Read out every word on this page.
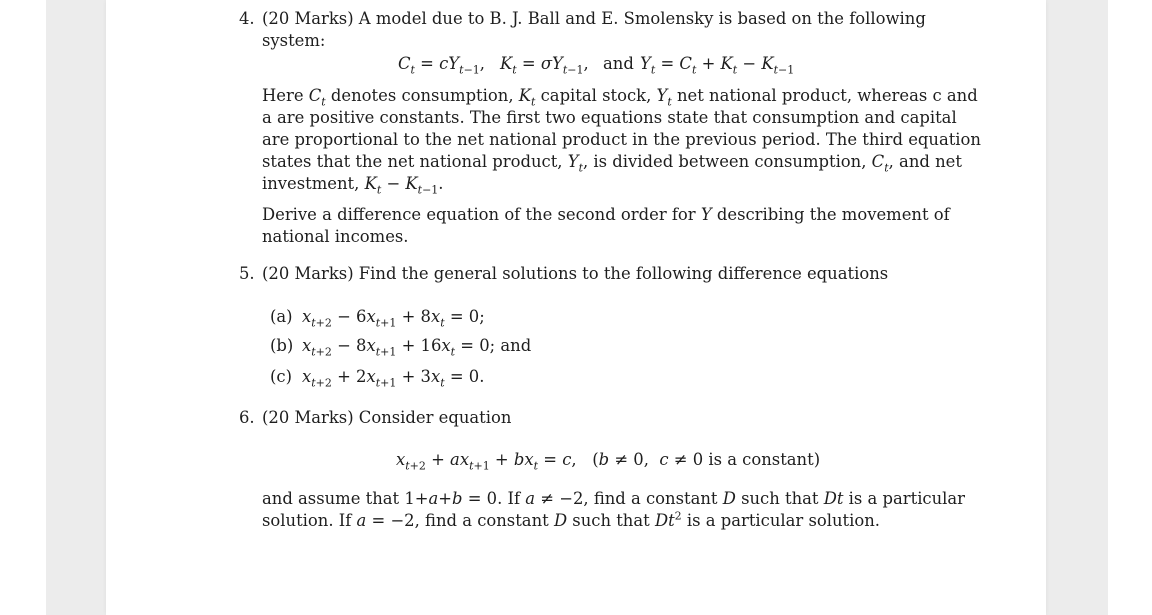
4. (20 Marks) A model due to B. J. Ball and E. Smolensky is based on the following
system:
$C_t = cY_{t-1}$, $K_t = \sigma Y_{t-1}$, and $Y_t = C_t + K_t - K_{t-1}$
Here $C_t$ denotes consumption, $K_t$ capital stock, $Y_t$ net national product, whereas c and
a are positive constants. The first two equations state that consumption and capital
are proportional to the net national product in the previous period. The third equation
states that the net national product, $Y_t$, is divided between consumption, $C_t$, and net
investment, $K_t - K_{t-1}$.
Derive a difference equation of the second order for Y describing the movement of
national incomes.
5. (20 Marks) Find the general solutions to the following difference equations
(a) $x_{t+2} - 6x_{t+1} + 8x_t = 0$;
(b) $x_{t+2} - 8x_{t+1} + 16x_t = 0$; and
(c) $x_{t+2} + 2x_{t+1} + 3x_t = 0$.
6. (20 Marks) Consider equation
$x_{t+2} + ax_{t+1} + bx_t = c$,   (b ≠ 0,  c ≠ 0 is a constant)
and assume that 1+a+b = 0. If a ≠ −2, find a constant D such that Dt is a particular
solution. If a = −2, find a constant D such that Dt$^2$ is a particular solution.
